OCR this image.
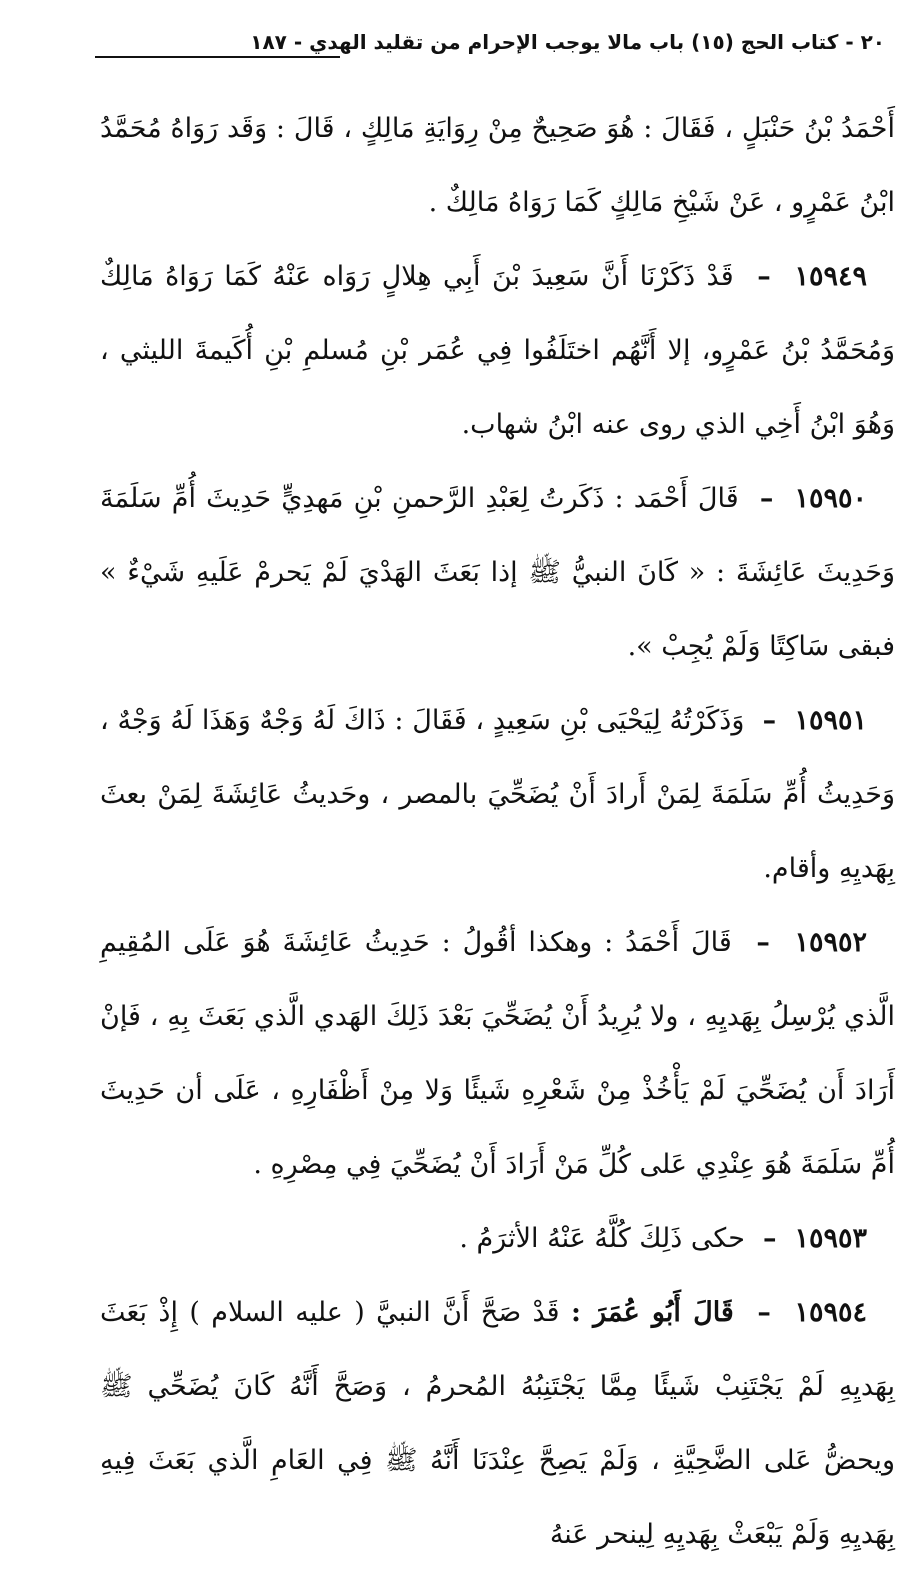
٢٠ - كتاب الحج (١٥) باب مالا يوجب الإحرام من تقليد الهدي - ١٨٧

أَحْمَدُ بْنُ حَنْبَلٍ ، فَقَالَ : هُوَ صَحِيحٌ مِنْ رِوَايَةِ مَالِكٍ ، قَالَ : وَقَد رَوَاهُ مُحَمَّدُ ابْنُ عَمْرٍو ، عَنْ شَيْخِ مَالِكٍ كَمَا رَوَاهُ مَالِكٌ .

١٥٩٤٩  –  قَدْ ذَكَرْنَا أَنَّ سَعِيدَ بْنَ أَبِي هِلالٍ رَوَاه عَنْهُ كَمَا رَوَاهُ مَالِكٌ وَمُحَمَّدُ بْنُ عَمْرٍو، إلا أَنَّهُم اختَلَفُوا فِي عُمَر بْنِ مُسلمِ بْنِ أُكَيمةَ الليثي ، وَهُوَ ابْنُ أَخِي الذي روى عنه ابْنُ شهاب.

١٥٩٥٠  –  قَالَ أَحْمَد : ذَكَرتُ لِعَبْدِ الرَّحمنِ بْنِ مَهدِيٍّ حَدِيثَ أُمِّ سَلَمَةَ وَحَدِيثَ عَائِشَةَ : « كَانَ النبيُّ ﷺ إذا بَعَثَ الهَدْيَ لَمْ يَحرمْ عَلَيهِ شَيْءٌ » فبقى سَاكِتًا وَلَمْ يُجِبْ ».

١٥٩٥١  –  وَذَكَرْتُهُ لِيَحْيَى بْنِ سَعِيدٍ ، فَقَالَ : ذَاكَ لَهُ وَجْهٌ وَهَذَا لَهُ وَجْهٌ ، وَحَدِيثُ أُمِّ سَلَمَةَ لِمَنْ أَرادَ أَنْ يُضَحِّيَ بالمصر ، وحَديثُ عَائِشَةَ لِمَنْ بعثَ بِهَديِهِ وأقام.

١٥٩٥٢  –  قَالَ أَحْمَدُ : وهكذا أقُولُ : حَدِيثُ عَائِشَةَ هُوَ عَلَى المُقِيمِ الَّذي يُرْسِلُ بِهَديِهِ ، ولا يُرِيدُ أَنْ يُضَحِّيَ بَعْدَ ذَلِكَ الهَدي الَّذي بَعَثَ بِهِ ، فَإنْ أَرَادَ أَن يُضَحِّيَ لَمْ يَأْخُذْ مِنْ شَعْرِهِ شَيئًا وَلا مِنْ أَظْفَارِهِ ، عَلَى أن حَدِيثَ أُمِّ سَلَمَةَ هُوَ عِنْدِي عَلى كُلِّ مَنْ أَرَادَ أَنْ يُضَحِّيَ فِي مِصْرِهِ .

١٥٩٥٣  –  حكى ذَلِكَ كُلَّهُ عَنْهُ الأثرَمُ .

١٥٩٥٤  –  قَالَ أَبُو عُمَرَ : قَدْ صَحَّ أَنَّ النبيَّ ( عليه السلام ) إِذْ بَعَثَ بِهَديِهِ لَمْ يَجْتَنِبْ شَيئًا مِمَّا يَجْتَنِبُهُ المُحرمُ ، وَصَحَّ أَنَّهُ كَانَ يُضَحِّي ﷺ ويحضُّ عَلى الضَّحِيَّةِ ، وَلَمْ يَصِحَّ عِنْدَنَا أَنَّهُ ﷺ فِي العَامِ الَّذي بَعَثَ فِيهِ بِهَديِهِ وَلَمْ يَبْعَثْ بِهَديِهِ لِينحر عَنهُ
